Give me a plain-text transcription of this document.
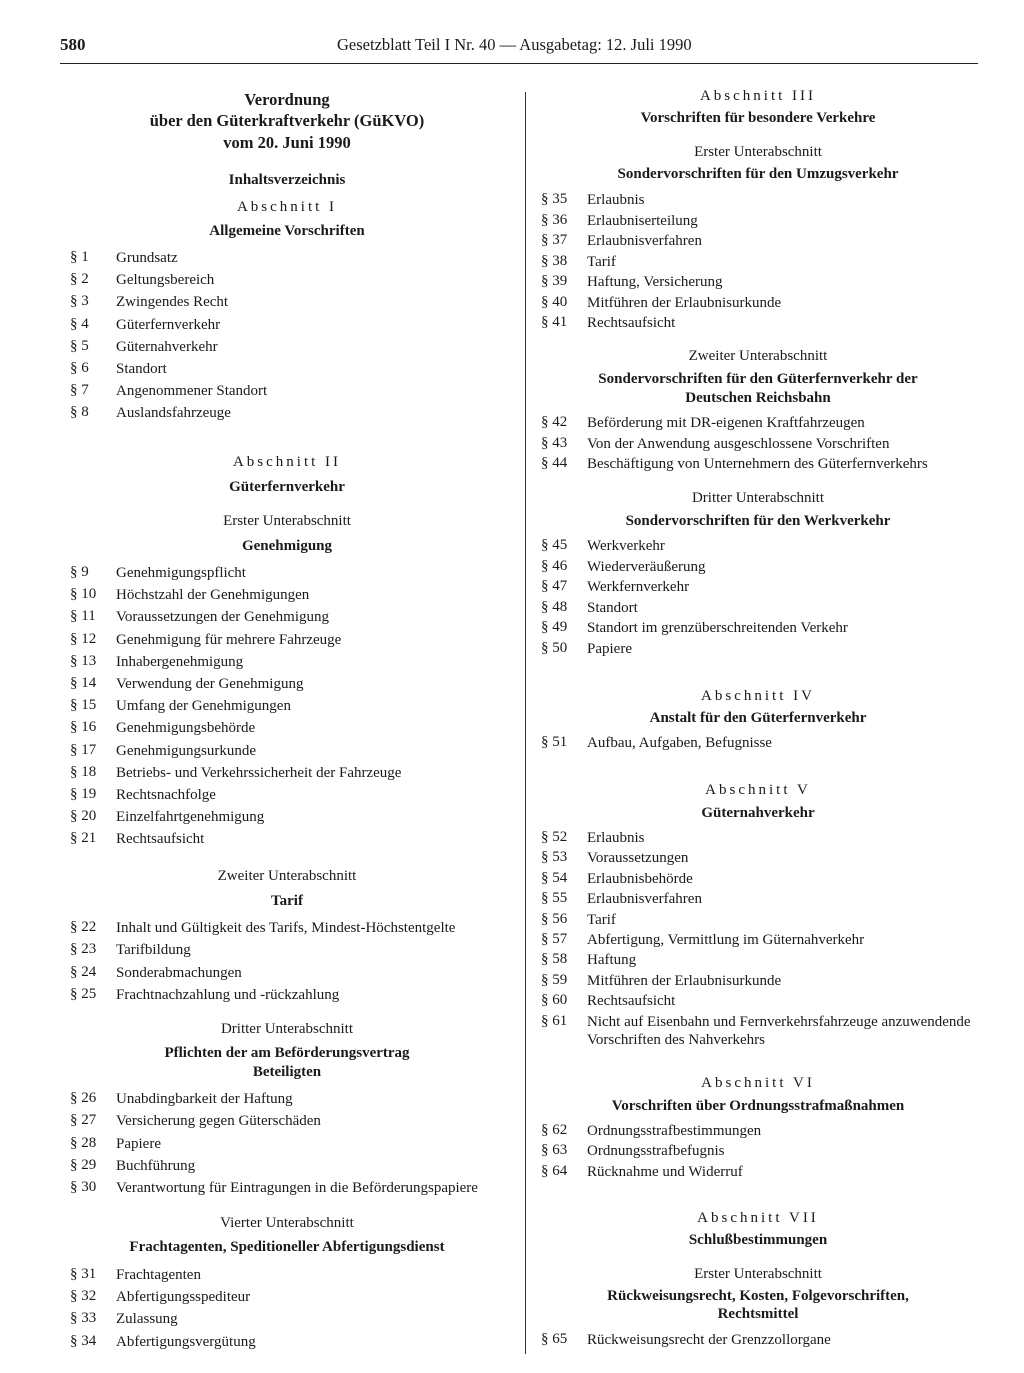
580	Gesetzblatt Teil I Nr. 40 — Ausgabetag: 12. Juli 1990
Verordnung
über den Güterkraftverkehr (GüKVO)
vom 20. Juni 1990
Inhaltsverzeichnis
Abschnitt I
Allgemeine Vorschriften
§ 1 Grundsatz
§ 2 Geltungsbereich
§ 3 Zwingendes Recht
§ 4 Güterfernverkehr
§ 5 Güternahverkehr
§ 6 Standort
§ 7 Angenommener Standort
§ 8 Auslandsfahrzeuge
Abschnitt II
Güterfernverkehr
Erster Unterabschnitt
Genehmigung
§ 9 Genehmigungspflicht
§ 10 Höchstzahl der Genehmigungen
§ 11 Voraussetzungen der Genehmigung
§ 12 Genehmigung für mehrere Fahrzeuge
§ 13 Inhabergenehmigung
§ 14 Verwendung der Genehmigung
§ 15 Umfang der Genehmigungen
§ 16 Genehmigungsbehörde
§ 17 Genehmigungsurkunde
§ 18 Betriebs- und Verkehrssicherheit der Fahrzeuge
§ 19 Rechtsnachfolge
§ 20 Einzelfahrtgenehmigung
§ 21 Rechtsaufsicht
Zweiter Unterabschnitt
Tarif
§ 22 Inhalt und Gültigkeit des Tarifs, Mindest-Höchstentgelte
§ 23 Tarifbildung
§ 24 Sonderabmachungen
§ 25 Frachtnachzahlung und -rückzahlung
Dritter Unterabschnitt
Pflichten der am Beförderungsvertrag
Beteiligten
§ 26 Unabdingbarkeit der Haftung
§ 27 Versicherung gegen Güterschäden
§ 28 Papiere
§ 29 Buchführung
§ 30 Verantwortung für Eintragungen in die Beförderungspapiere
Vierter Unterabschnitt
Frachtagenten, Speditioneller Abfertigungsdienst
§ 31 Frachtagenten
§ 32 Abfertigungsspediteur
§ 33 Zulassung
§ 34 Abfertigungsvergütung
Abschnitt III
Vorschriften für besondere Verkehre
Erster Unterabschnitt
Sondervorschriften für den Umzugsverkehr
§ 35 Erlaubnis
§ 36 Erlaubniserteilung
§ 37 Erlaubnisverfahren
§ 38 Tarif
§ 39 Haftung, Versicherung
§ 40 Mitführen der Erlaubnisurkunde
§ 41 Rechtsaufsicht
Zweiter Unterabschnitt
Sondervorschriften für den Güterfernverkehr der
Deutschen Reichsbahn
§ 42 Beförderung mit DR-eigenen Kraftfahrzeugen
§ 43 Von der Anwendung ausgeschlossene Vorschriften
§ 44 Beschäftigung von Unternehmern des Güterfernverkehrs
Dritter Unterabschnitt
Sondervorschriften für den Werkverkehr
§ 45 Werkverkehr
§ 46 Wiederveräußerung
§ 47 Werkfernverkehr
§ 48 Standort
§ 49 Standort im grenzüberschreitenden Verkehr
§ 50 Papiere
Abschnitt IV
Anstalt für den Güterfernverkehr
§ 51 Aufbau, Aufgaben, Befugnisse
Abschnitt V
Güternahverkehr
§ 52 Erlaubnis
§ 53 Voraussetzungen
§ 54 Erlaubnisbehörde
§ 55 Erlaubnisverfahren
§ 56 Tarif
§ 57 Abfertigung, Vermittlung im Güternahverkehr
§ 58 Haftung
§ 59 Mitführen der Erlaubnisurkunde
§ 60 Rechtsaufsicht
§ 61 Nicht auf Eisenbahn und Fernverkehrsfahrzeuge anzuwendende Vorschriften des Nahverkehrs
Abschnitt VI
Vorschriften über Ordnungsstrafmaßnahmen
§ 62 Ordnungsstrafbestimmungen
§ 63 Ordnungsstrafbefugnis
§ 64 Rücknahme und Widerruf
Abschnitt VII
Schlußbestimmungen
Erster Unterabschnitt
Rückweisungsrecht, Kosten, Folgevorschriften,
Rechtsmittel
§ 65 Rückweisungsrecht der Grenzzollorgane
